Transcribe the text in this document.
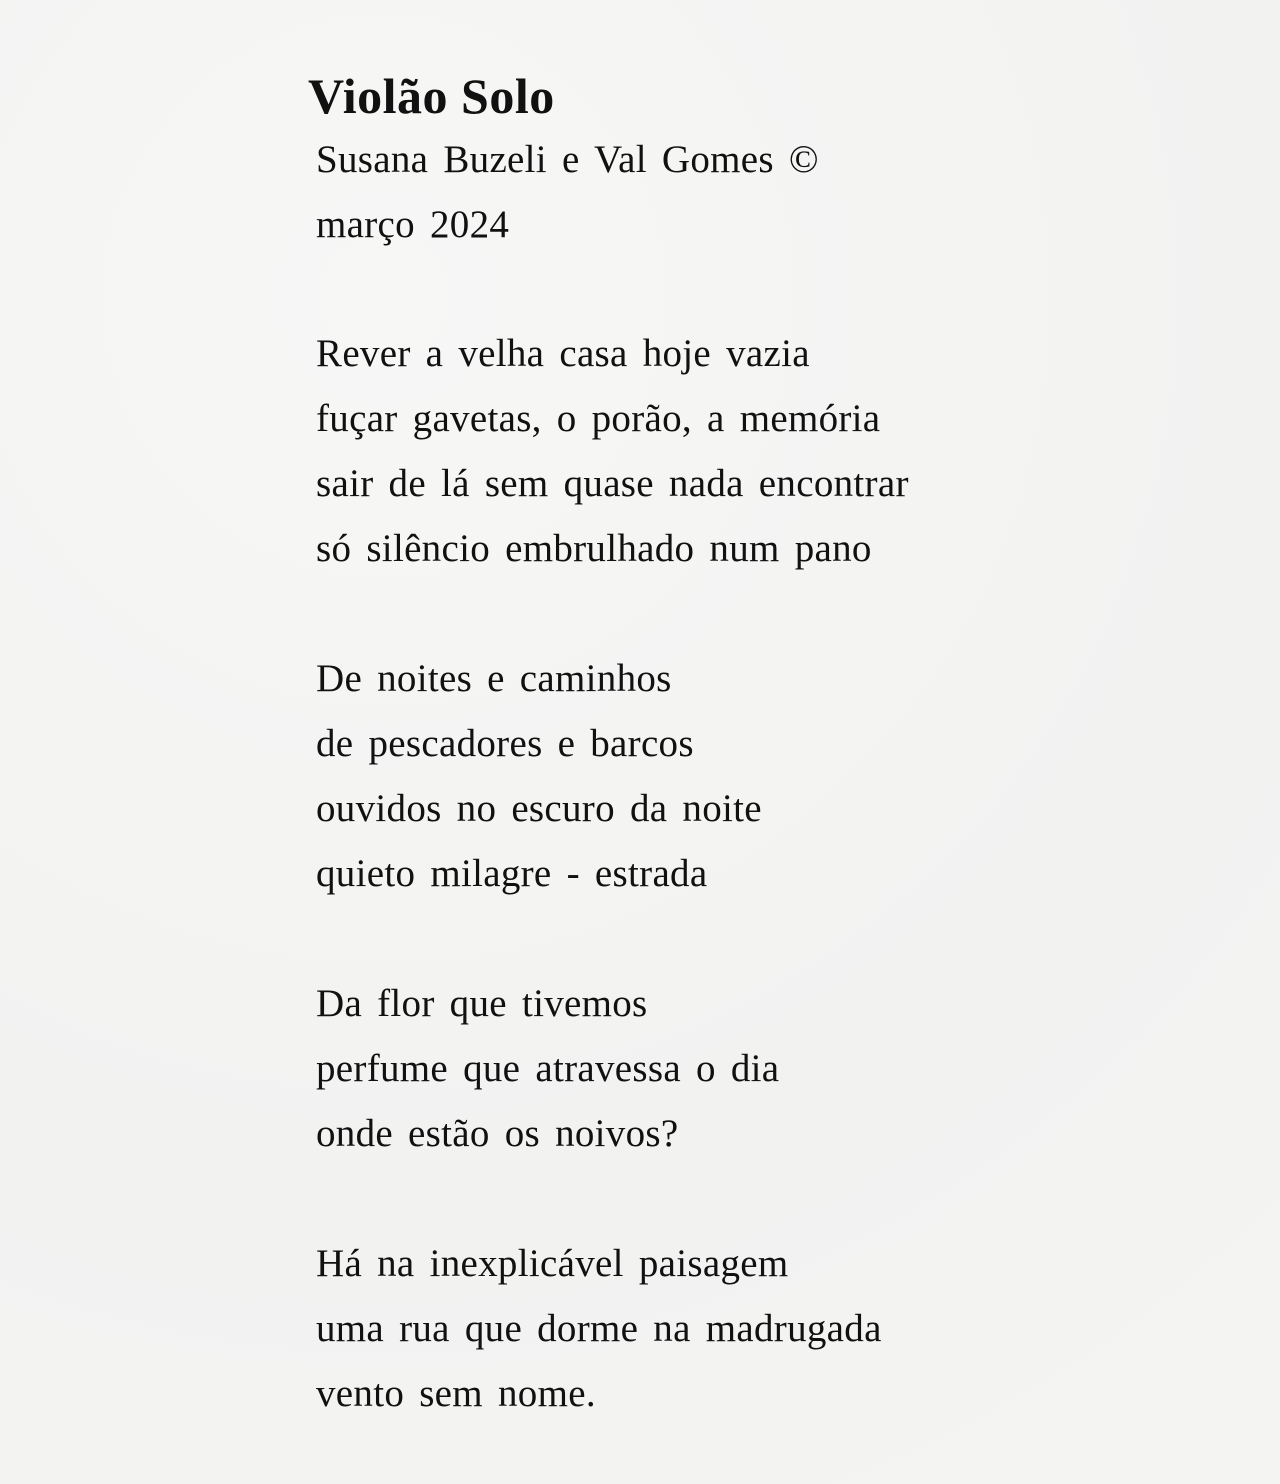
Violão Solo
Susana Buzeli e Val Gomes ©
março 2024
Rever a velha casa hoje vazia
fuçar gavetas, o porão, a memória
sair de lá sem quase nada encontrar
só silêncio embrulhado num pano
De noites e caminhos
de pescadores e barcos
ouvidos no escuro da noite
quieto milagre - estrada
Da flor que tivemos
perfume que atravessa o dia
onde estão os noivos?
Há na inexplicável paisagem
uma rua que dorme na madrugada
vento sem nome.
